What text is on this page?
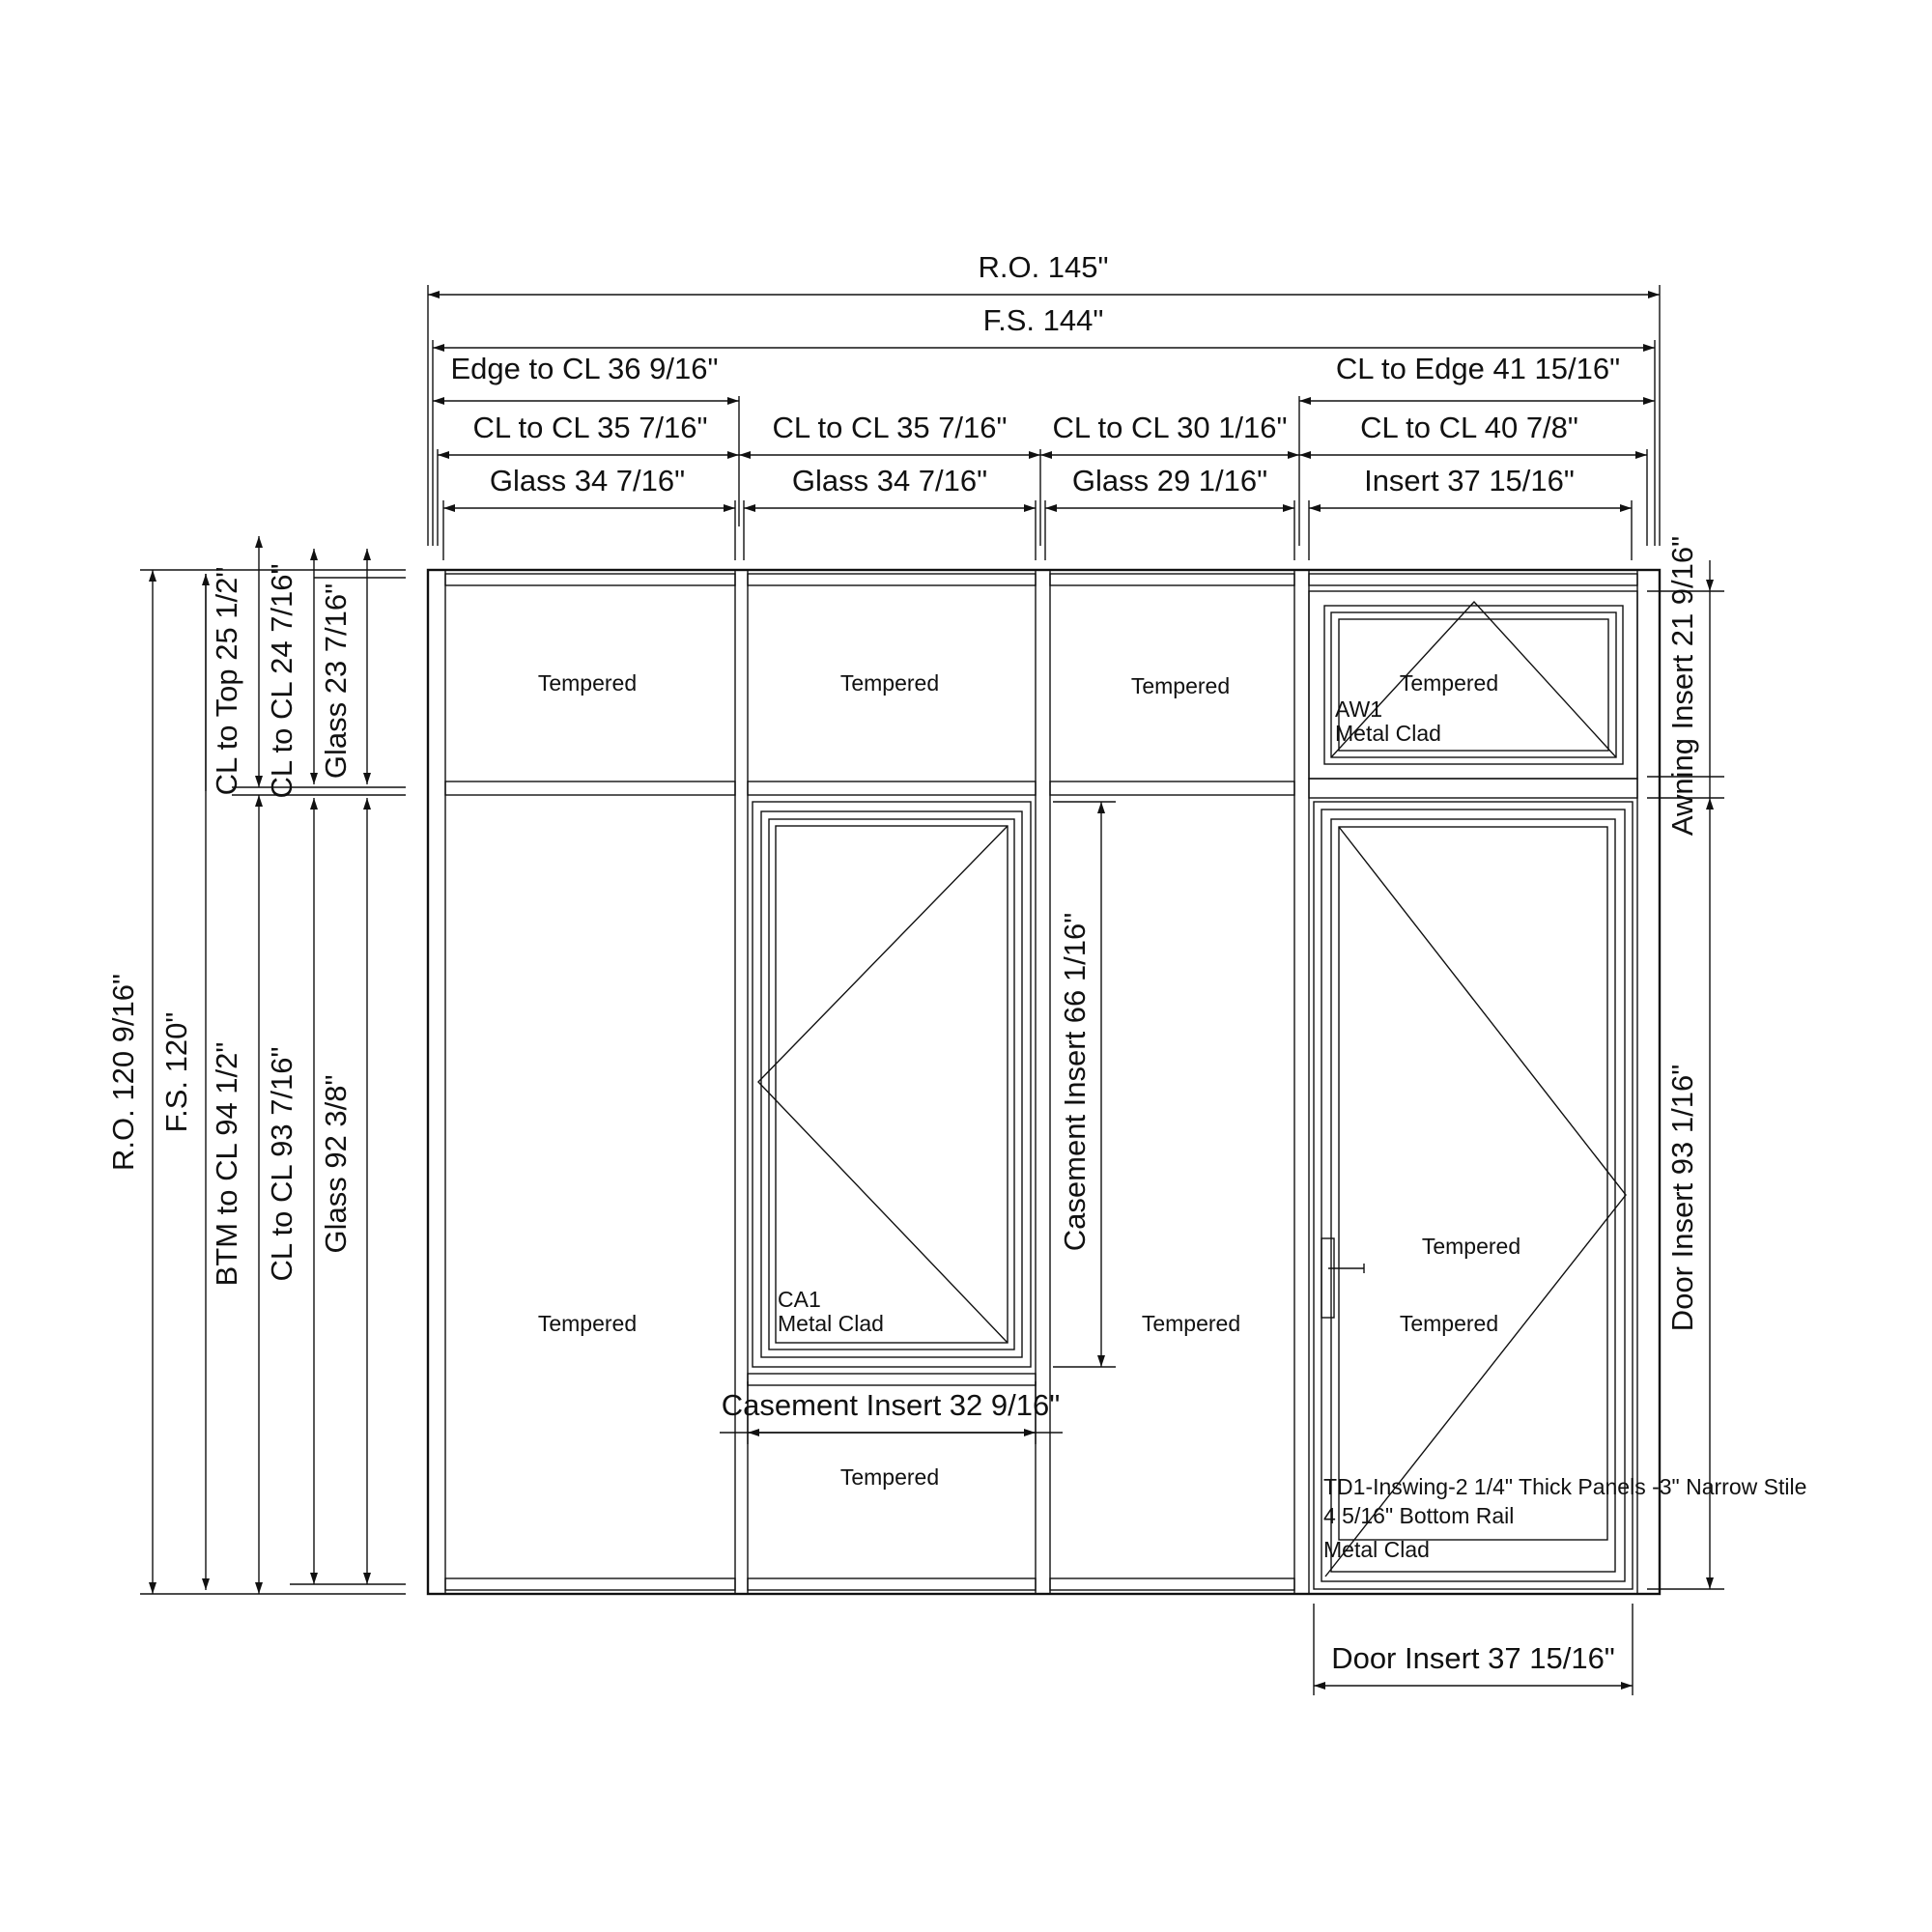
R.O. 145"
F.S. 144"
Edge to CL 36 9/16"	CL to Edge 41 15/16"
CL to CL 35 7/16" CL to CL 35 7/16" CL to CL 30 1/16" CL to CL 40 7/8"
Glass 34 7/16"	Glass 34 7/16"	Glass 29 1/16"	Insert 37 15/16"
R.O. 120 9/16" F.S. 120"
CL to Top 25 1/2"
BTM to CL 94 1/2"
CL to CL 24 7/16"
CL to CL 93 7/16"
Glass 23 7/16"
Glass 92 3/8"
Tempered	Tempered	Tempered	Tempered
Tempered
Tempered
Tempered
Tempered
Tempered
AW1
Metal Clad
CA1
Metal Clad
Casement Insert 66 1/16"
Casement Insert 32 9/16"
TD1-Inswing-2 1/4" Thick Panels -3" Narrow Stile
4 5/16" Bottom Rail
Metal Clad
Awning Insert 21 9/16"
Door Insert 93 1/16"
Door Insert 37 15/16"
